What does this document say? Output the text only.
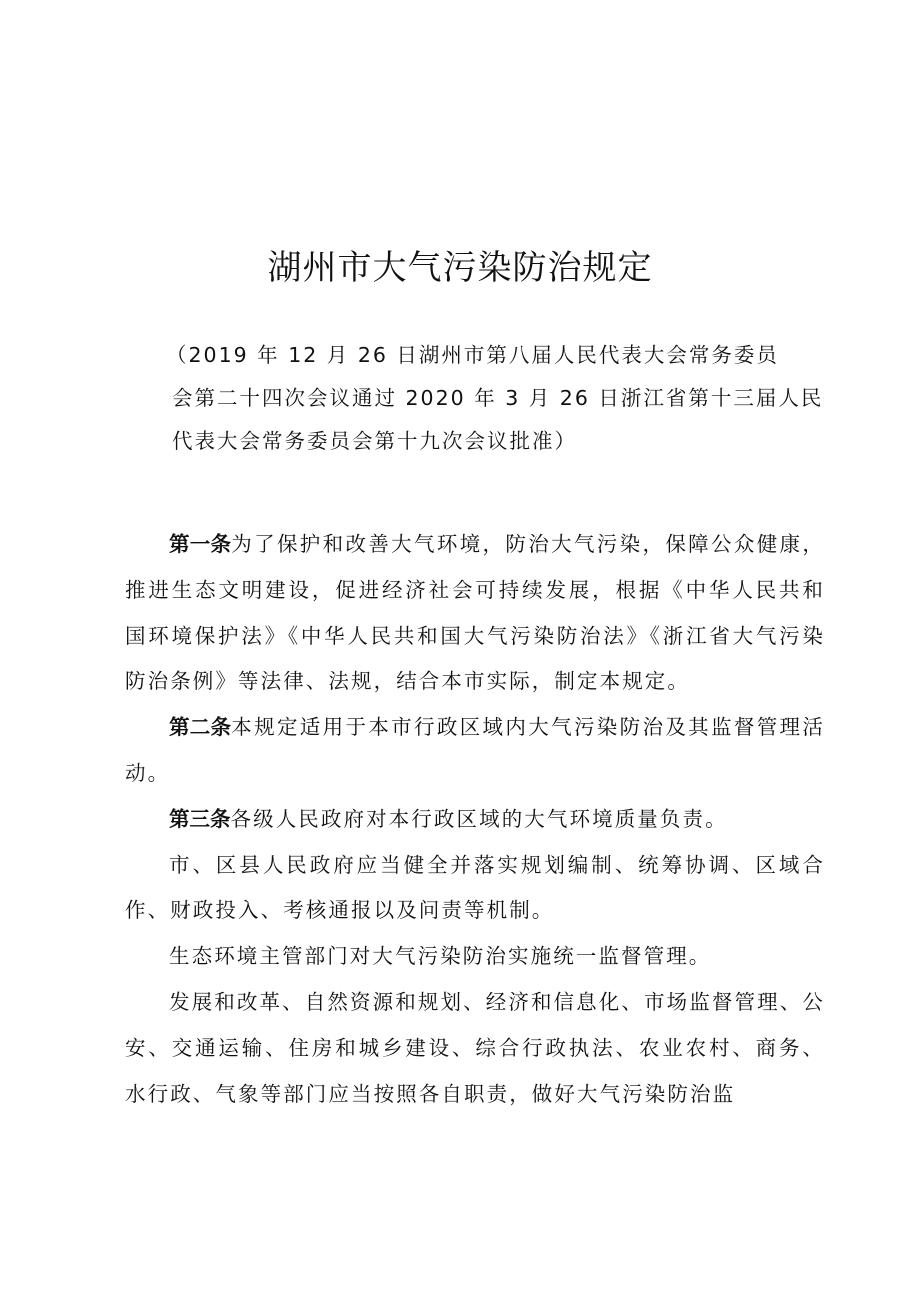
湖州市大气污染防治规定
（2019 年 12 月 26 日湖州市第八届人民代表大会常务委员
会第二十四次会议通过 2020 年 3 月 26 日浙江省第十三届人民
代表大会常务委员会第十九次会议批准）

第一条为了保护和改善大气环境，防治大气污染，保障公众健康，推进生态文明建设，促进经济社会可持续发展，根据《中华人民共和国环境保护法》《中华人民共和国大气污染防治法》《浙江省大气污染防治条例》等法律、法规，结合本市实际，制定本规定。

第二条本规定适用于本市行政区域内大气污染防治及其监督管理活动。

第三条各级人民政府对本行政区域的大气环境质量负责。

市、区县人民政府应当健全并落实规划编制、统筹协调、区域合作、财政投入、考核通报以及问责等机制。

生态环境主管部门对大气污染防治实施统一监督管理。

发展和改革、自然资源和规划、经济和信息化、市场监督管理、公安、交通运输、住房和城乡建设、综合行政执法、农业农村、商务、水行政、气象等部门应当按照各自职责，做好大气污染防治监
